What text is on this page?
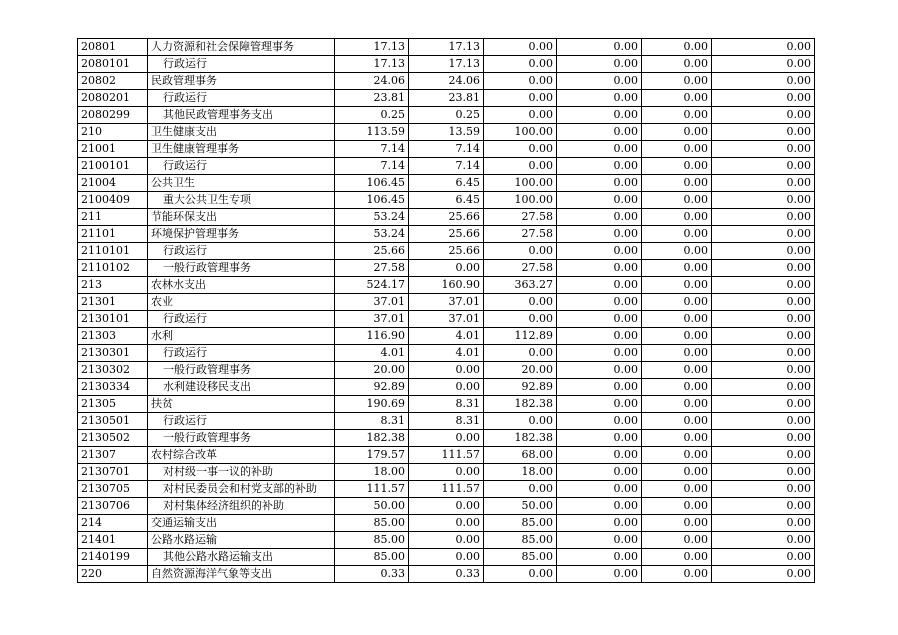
20801	人力资源和社会保障管理事务	17.13	17.13	0.00	0.00	0.00	0.00
2080101	行政运行	17.13	17.13	0.00	0.00	0.00	0.00
20802	民政管理事务	24.06	24.06	0.00	0.00	0.00	0.00
2080201	行政运行	23.81	23.81	0.00	0.00	0.00	0.00
2080299	其他民政管理事务支出	0.25	0.25	0.00	0.00	0.00	0.00
210	卫生健康支出	113.59	13.59	100.00	0.00	0.00	0.00
21001	卫生健康管理事务	7.14	7.14	0.00	0.00	0.00	0.00
2100101	行政运行	7.14	7.14	0.00	0.00	0.00	0.00
21004	公共卫生	106.45	6.45	100.00	0.00	0.00	0.00
2100409	重大公共卫生专项	106.45	6.45	100.00	0.00	0.00	0.00
211	节能环保支出	53.24	25.66	27.58	0.00	0.00	0.00
21101	环境保护管理事务	53.24	25.66	27.58	0.00	0.00	0.00
2110101	行政运行	25.66	25.66	0.00	0.00	0.00	0.00
2110102	一般行政管理事务	27.58	0.00	27.58	0.00	0.00	0.00
213	农林水支出	524.17	160.90	363.27	0.00	0.00	0.00
21301	农业	37.01	37.01	0.00	0.00	0.00	0.00
2130101	行政运行	37.01	37.01	0.00	0.00	0.00	0.00
21303	水利	116.90	4.01	112.89	0.00	0.00	0.00
2130301	行政运行	4.01	4.01	0.00	0.00	0.00	0.00
2130302	一般行政管理事务	20.00	0.00	20.00	0.00	0.00	0.00
2130334	水利建设移民支出	92.89	0.00	92.89	0.00	0.00	0.00
21305	扶贫	190.69	8.31	182.38	0.00	0.00	0.00
2130501	行政运行	8.31	8.31	0.00	0.00	0.00	0.00
2130502	一般行政管理事务	182.38	0.00	182.38	0.00	0.00	0.00
21307	农村综合改革	179.57	111.57	68.00	0.00	0.00	0.00
2130701	对村级一事一议的补助	18.00	0.00	18.00	0.00	0.00	0.00
2130705	对村民委员会和村党支部的补助	111.57	111.57	0.00	0.00	0.00	0.00
2130706	对村集体经济组织的补助	50.00	0.00	50.00	0.00	0.00	0.00
214	交通运输支出	85.00	0.00	85.00	0.00	0.00	0.00
21401	公路水路运输	85.00	0.00	85.00	0.00	0.00	0.00
2140199	其他公路水路运输支出	85.00	0.00	85.00	0.00	0.00	0.00
220	自然资源海洋气象等支出	0.33	0.33	0.00	0.00	0.00	0.00
